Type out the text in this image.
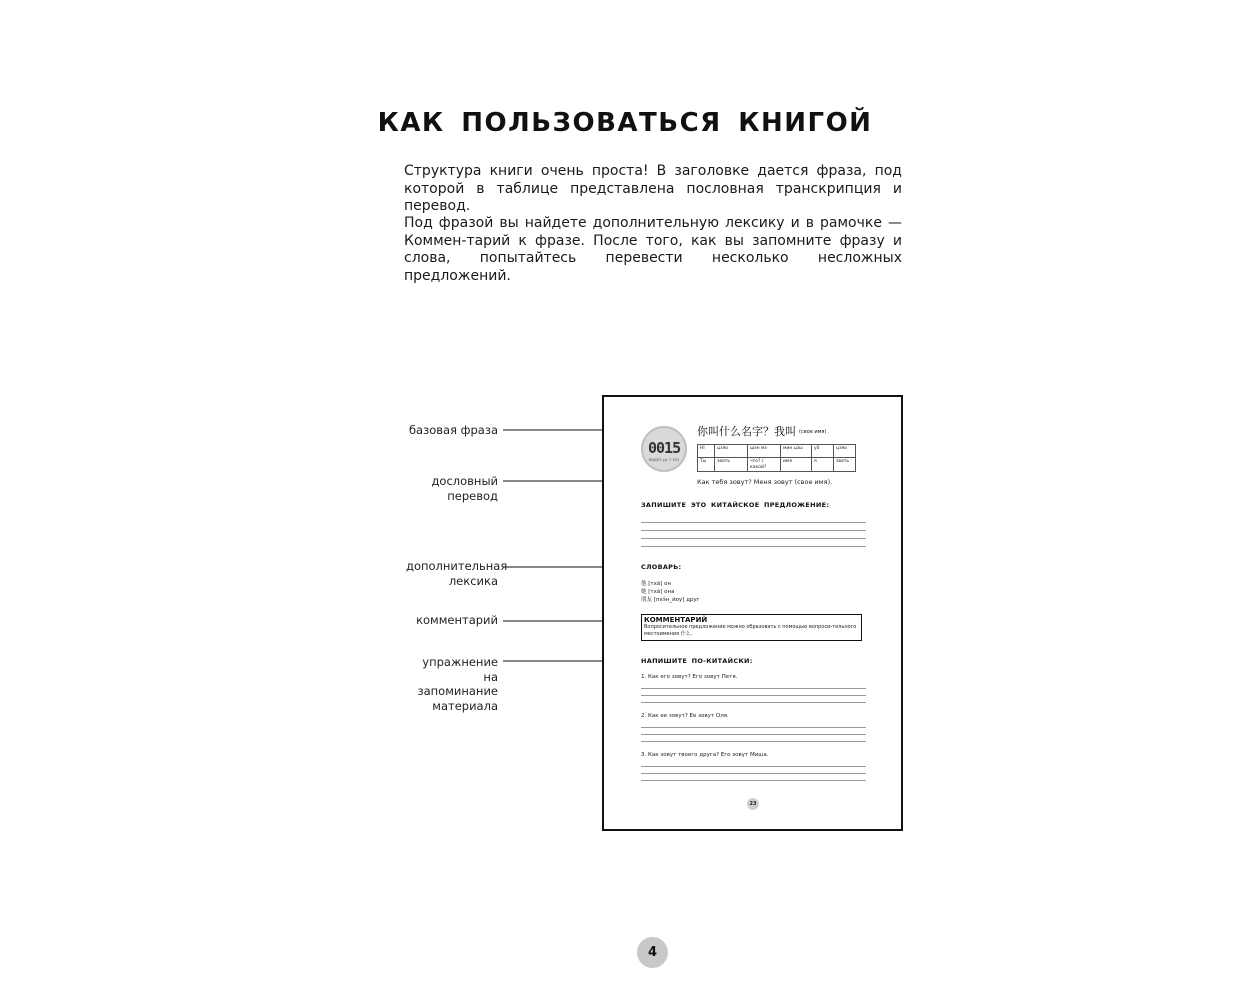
КАК ПОЛЬЗОВАТЬСЯ КНИГОЙ

Структура книги очень проста! В заголовке дается фраза, под которой в таблице представлена пословная транскрипция и перевод.

Под фразой вы найдете дополнительную лексику и в рамочке — Коммен-тарий к фразе. После того, как вы запомните фразу и слова, попытайтесь перевести несколько несложных предложений.

базовая фраза
дословный перевод
дополнительная лексика
комментарий
упражнение на запоминание материала
0015
ВИДЕО ур. 7 503
你叫什么名字？我叫 (свое имя) .
Нǐ	цзяо	шэн мэ	мин цзы	уǒ	цзяо
Ты	звать	что? / какой?	имя	я	звать
Как тебя зовут? Меня зовут (свое имя).
ЗАПИШИТЕ ЭТО КИТАЙСКОЕ ПРЕДЛОЖЕНИЕ:
СЛОВАРЬ:
他 [тхā] он
她 [тхā] она
朋友 [пхэ́н_йоу] друг
КОММЕНТАРИЙ
Вопросительное предложение можно образовать с помощью вопроси-тельного местоимения 什么.
НАПИШИТЕ ПО-КИТАЙСКИ:
1. Как его зовут? Его зовут Петя.
2. Как ее зовут? Ее зовут Оля.
3. Как зовут твоего друга? Его зовут Миша.
23
4
